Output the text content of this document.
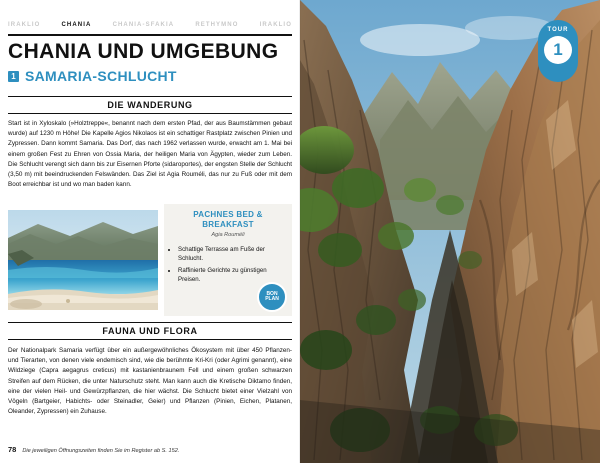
IRAKLIO	CHANIA	CHANIA-SFAKIA	RETHYMNO	IRAKLIO
CHANIA UND UMGEBUNG
1 SAMARIA-SCHLUCHT
DIE WANDERUNG
Start ist in Xyloskalo (»Holztreppe«, benannt nach dem ersten Pfad, der aus Baumstämmen gebaut wurde) auf 1230 m Höhe! Die Kapelle Agios Nikolaos ist ein schattiger Rastplatz zwischen Pinien und Zypressen. Dann kommt Samaria. Das Dorf, das nach 1962 verlassen wurde, erwacht am 1. Mai bei einem großen Fest zu Ehren von Ossia Maria, der heiligen Maria von Ägypten, wieder zum Leben. Die Schlucht verengt sich dann bis zur Eisernen Pforte (sidaroportes), der engsten Stelle der Schlucht (3,50 m) mit beeindruckenden Felswänden. Das Ziel ist Agia Rouméli, das nur zu Fuß oder mit dem Boot erreichbar ist und wo man baden kann.
PACHNES BED & BREAKFAST
Agia Rouméli
• Schattige Terrasse am Fuße der Schlucht.
• Raffinierte Gerichte zu günstigen Preisen.
BON PLAN
FAUNA UND FLORA
Der Nationalpark Samaria verfügt über ein außergewöhnliches Ökosystem mit über 450 Pflanzen- und Tierarten, von denen viele endemisch sind, wie die berühmte Kri-Kri (oder Agrimi genannt), eine Wildziege (Capra aegagrus creticus) mit kastanienbraunem Fell und einem großen schwarzen Streifen auf dem Rücken, die unter Naturschutz steht. Man kann auch die Kretische Diktamo finden, eine der vielen Heil- und Gewürzpflanzen, die hier wächst. Die Schlucht bietet einer Vielzahl von Vögeln (Bartgeier, Habichts- oder Steinadler, Geier) und Pflanzen (Pinien, Eichen, Platanen, Oleander, Zypressen) ein Zuhause.
78 Die jeweiligen Öffnungszeiten finden Sie im Register ab S. 152.
TOUR
1
